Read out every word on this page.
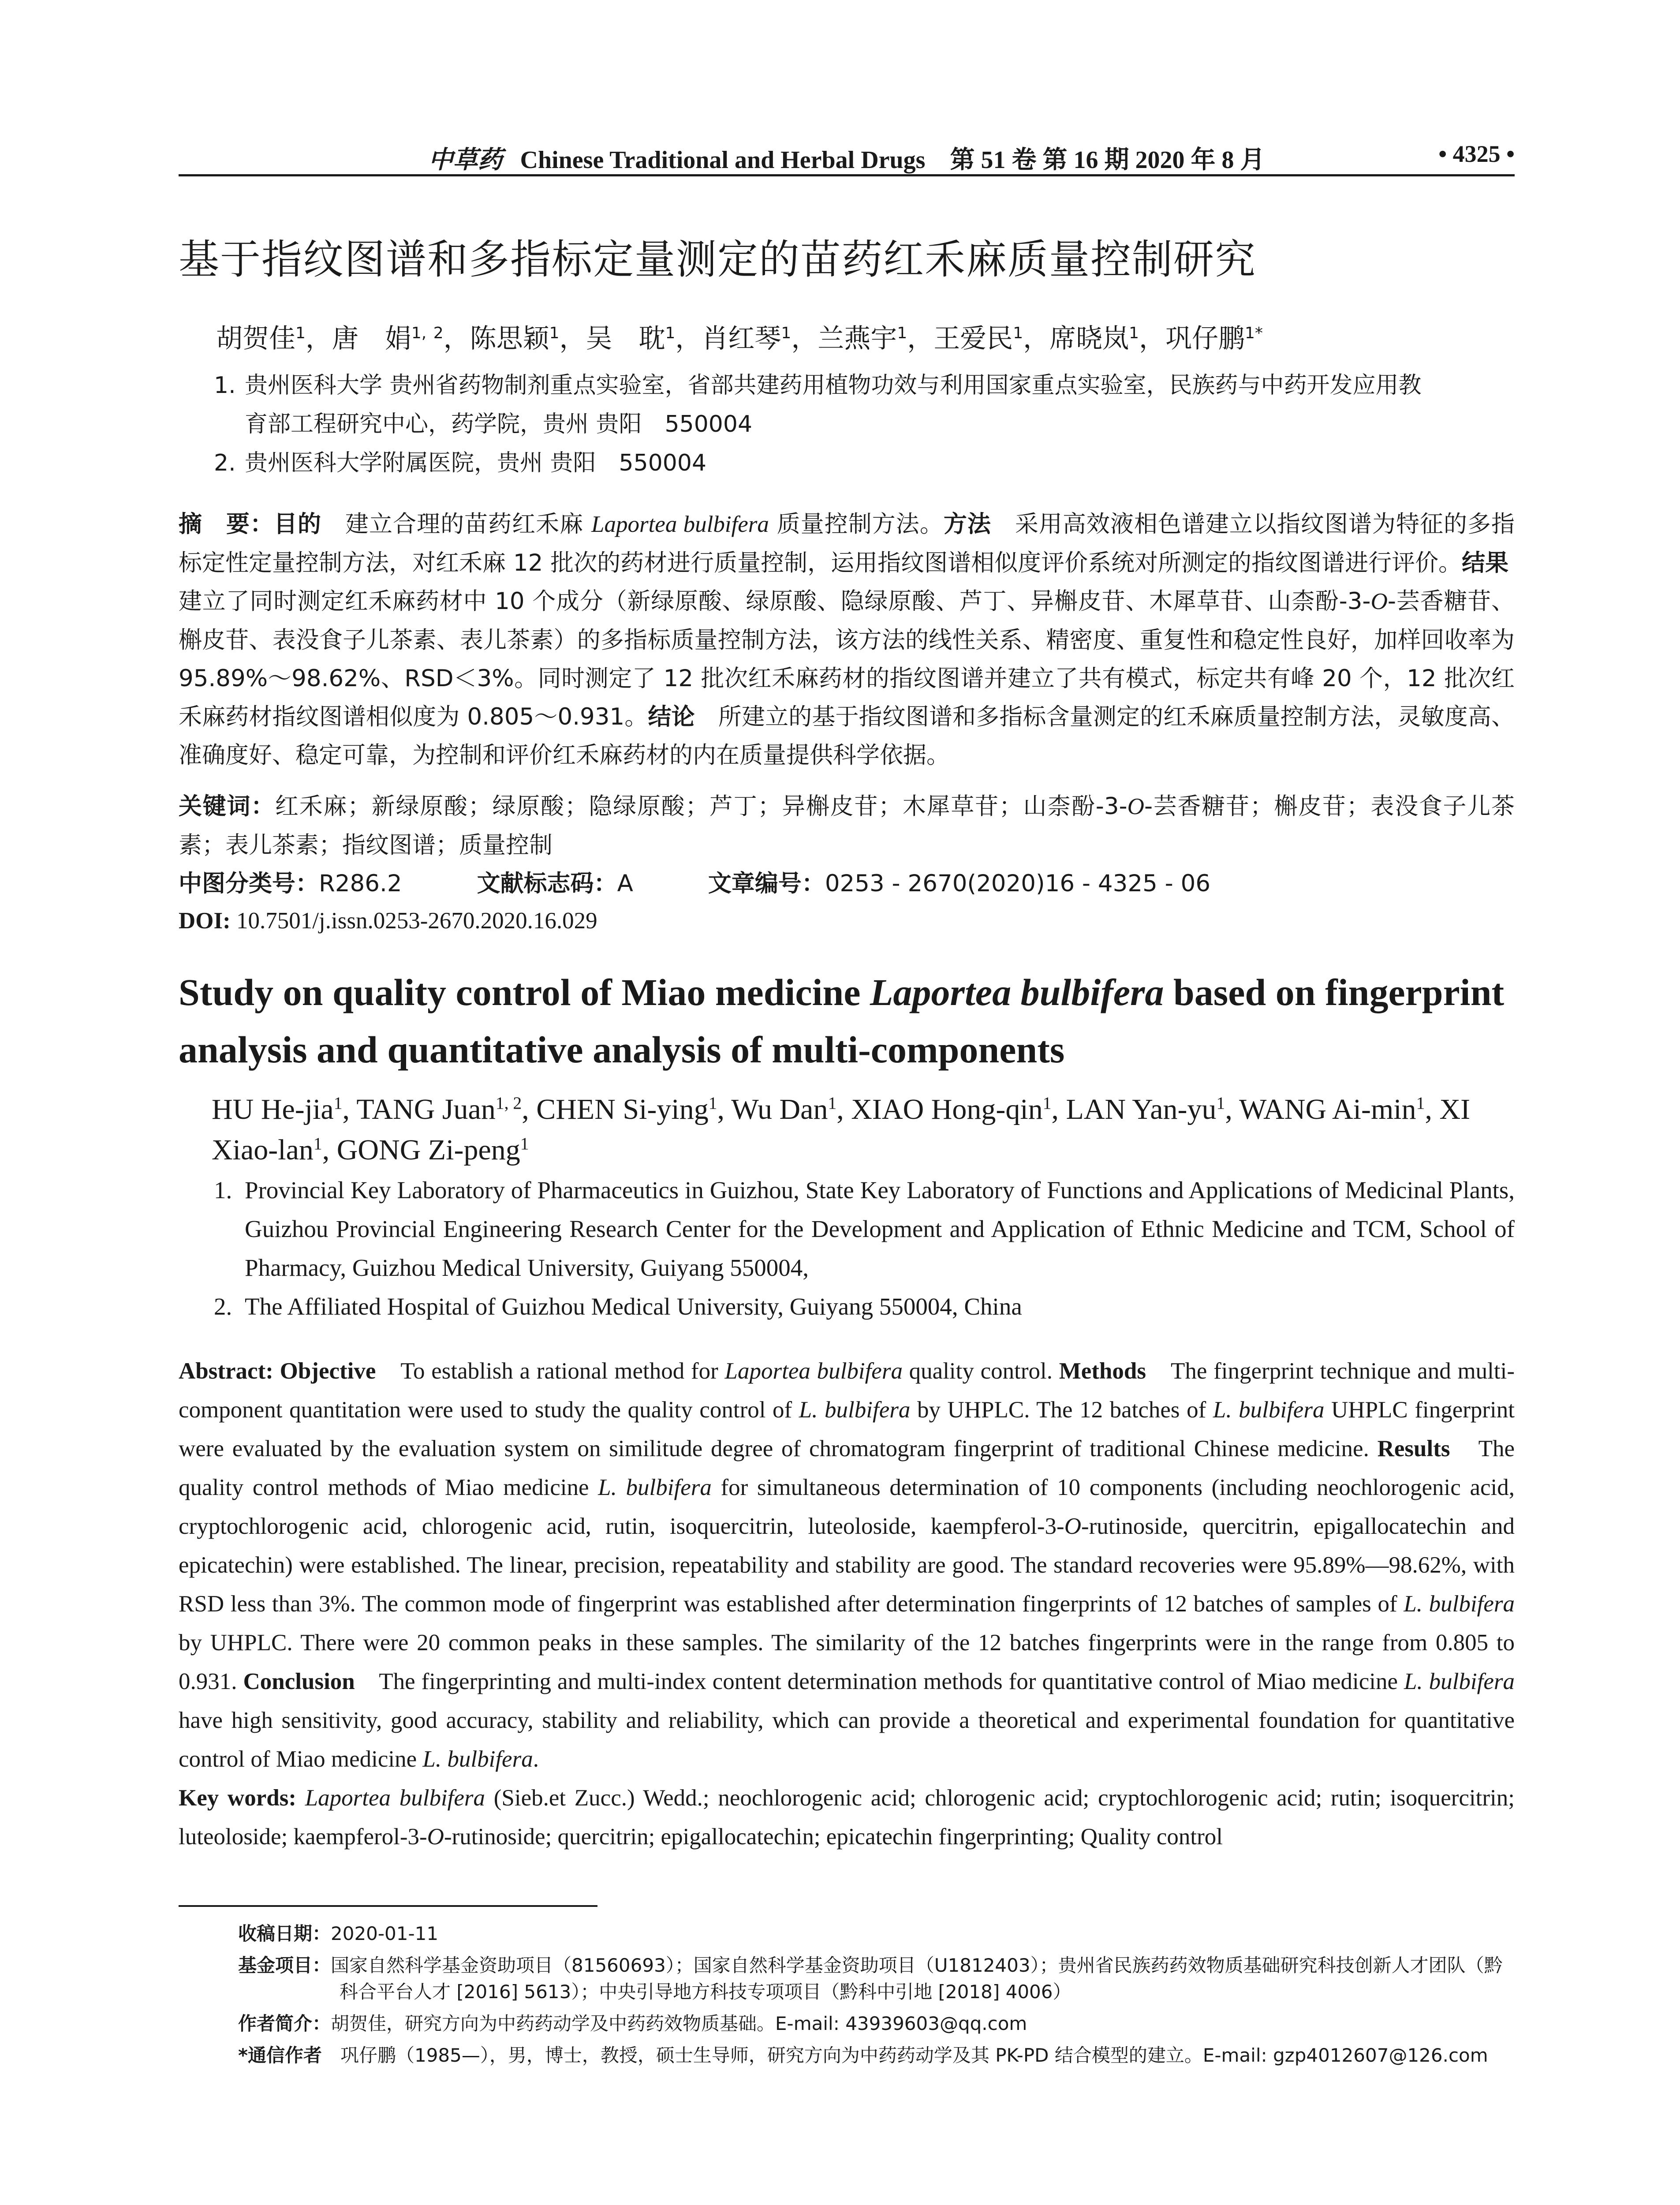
中草药 Chinese Traditional and Herbal Drugs　第 51 卷 第 16 期 2020 年 8 月	• 4325 •
基于指纹图谱和多指标定量测定的苗药红禾麻质量控制研究
胡贺佳$^1$，唐　娟$^{1, 2}$，陈思颖$^1$，吴　耽$^1$，肖红琴$^1$，兰燕宇$^1$，王爱民$^1$，席晓岚$^1$，巩仔鹏$^{1*}$
1. 贵州医科大学 贵州省药物制剂重点实验室，省部共建药用植物功效与利用国家重点实验室，民族药与中药开发应用教
育部工程研究中心，药学院，贵州 贵阳　550004
2. 贵州医科大学附属医院，贵州 贵阳　550004
摘　要：目的　建立合理的苗药红禾麻 Laportea bulbifera 质量控制方法。方法　采用高效液相色谱建立以指纹图谱为特征的多指标定性定量控制方法，对红禾麻 12 批次的药材进行质量控制，运用指纹图谱相似度评价系统对所测定的指纹图谱进行评价。结果　建立了同时测定红禾麻药材中 10 个成分（新绿原酸、绿原酸、隐绿原酸、芦丁、异槲皮苷、木犀草苷、山柰酚-3-O-芸香糖苷、槲皮苷、表没食子儿茶素、表儿茶素）的多指标质量控制方法，该方法的线性关系、精密度、重复性和稳定性良好，加样回收率为 95.89%～98.62%、RSD＜3%。同时测定了 12 批次红禾麻药材的指纹图谱并建立了共有模式，标定共有峰 20 个，12 批次红禾麻药材指纹图谱相似度为 0.805～0.931。结论　所建立的基于指纹图谱和多指标含量测定的红禾麻质量控制方法，灵敏度高、准确度好、稳定可靠，为控制和评价红禾麻药材的内在质量提供科学依据。
关键词：红禾麻；新绿原酸；绿原酸；隐绿原酸；芦丁；异槲皮苷；木犀草苷；山柰酚-3-O-芸香糖苷；槲皮苷；表没食子儿茶素；表儿茶素；指纹图谱；质量控制
中图分类号：R286.2	文献标志码：A	文章编号：0253 - 2670(2020)16 - 4325 - 06
DOI: 10.7501/j.issn.0253-2670.2020.16.029
Study on quality control of Miao medicine Laportea bulbifera based on fingerprint analysis and quantitative analysis of multi-components
HU He-jia$^1$, TANG Juan$^{1, 2}$, CHEN Si-ying$^1$, Wu Dan$^1$, XIAO Hong-qin$^1$, LAN Yan-$yu^1$, WANG $Ai-\min^1$, XI Xiao-lan$^1$, GONG Zi-peng$^1$
1. Provincial Key Laboratory of Pharmaceutics in Guizhou, State Key Laboratory of Functions and Applications of Medicinal Plants, Guizhou Provincial Engineering Research Center for the Development and Application of Ethnic Medicine and TCM, School of Pharmacy, Guizhou Medical University, Guiyang 550004,
2. The Affiliated Hospital of Guizhou Medical University, Guiyang 550004, China
Abstract: Objective　To establish a rational method for Laportea bulbifera quality control. Methods　The fingerprint technique and multi-component quantitation were used to study the quality control of L. bulbifera by UHPLC. The 12 batches of L. bulbifera UHPLC fingerprint were evaluated by the evaluation system on similitude degree of chromatogram fingerprint of traditional Chinese medicine. Results　The quality control methods of Miao medicine L. bulbifera for simultaneous determination of 10 components (including neochlorogenic acid, cryptochlorogenic acid, chlorogenic acid, rutin, isoquercitrin, luteoloside, kaempferol-3-O-rutinoside, quercitrin, epigallocatechin and epicatechin) were established. The linear, precision, repeatability and stability are good. The standard recoveries were 95.89%—98.62%, with RSD less than 3%. The common mode of fingerprint was established after determination fingerprints of 12 batches of samples of L. bulbifera by UHPLC. There were 20 common peaks in these samples. The similarity of the 12 batches fingerprints were in the range from 0.805 to 0.931. Conclusion　The fingerprinting and multi-index content determination methods for quantitative control of Miao medicine L. bulbifera have high sensitivity, good accuracy, stability and reliability, which can provide a theoretical and experimental foundation for quantitative control of Miao medicine L. bulbifera.
Key words: Laportea bulbifera (Sieb.et Zucc.) Wedd.; neochlorogenic acid; chlorogenic acid; cryptochlorogenic acid; rutin; isoquercitrin; luteoloside; kaempferol-3-O-rutinoside; quercitrin; epigallocatechin; epicatechin fingerprinting; Quality control
收稿日期：2020-01-11
基金项目：国家自然科学基金资助项目（81560693）；国家自然科学基金资助项目（U1812403）；贵州省民族药药效物质基础研究科技创新人才团队（黔科合平台人才 [2016] 5613）；中央引导地方科技专项项目（黔科中引地 [2018] 4006）
作者简介：胡贺佳，研究方向为中药药动学及中药药效物质基础。E-mail: 43939603@qq.com
*通信作者　巩仔鹏（1985—），男，博士，教授，硕士生导师，研究方向为中药药动学及其 PK-PD 结合模型的建立。E-mail: gzp4012607@126.com
